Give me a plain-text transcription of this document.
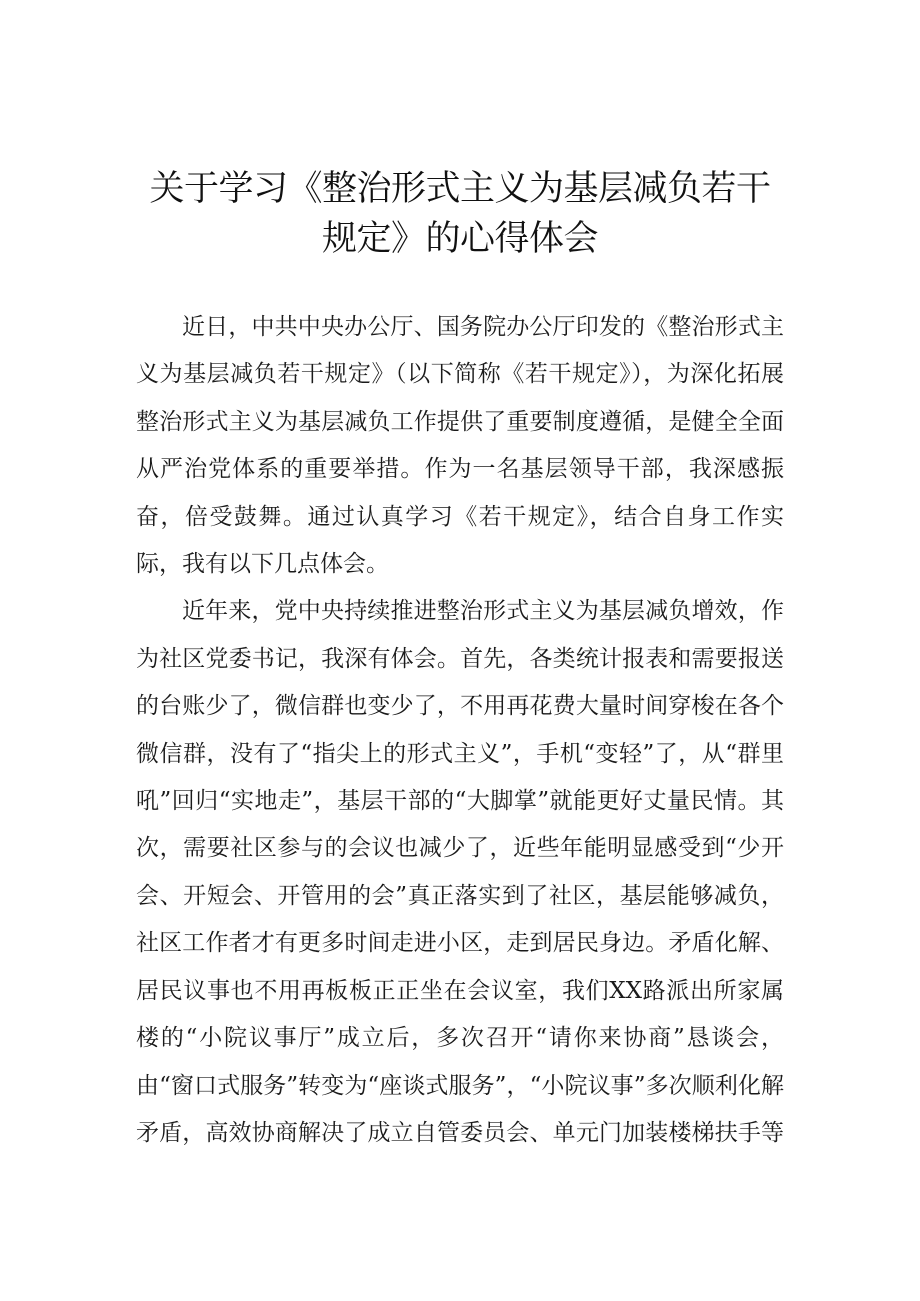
关于学习《整治形式主义为基层减负若干
规定》的心得体会

近日，中共中央办公厅、国务院办公厅印发的《整治形式主义为基层减负若干规定》（以下简称《若干规定》），为深化拓展整治形式主义为基层减负工作提供了重要制度遵循，是健全全面从严治党体系的重要举措。作为一名基层领导干部，我深感振奋，倍受鼓舞。通过认真学习《若干规定》，结合自身工作实际，我有以下几点体会。

近年来，党中央持续推进整治形式主义为基层减负增效，作为社区党委书记，我深有体会。首先，各类统计报表和需要报送的台账少了，微信群也变少了，不用再花费大量时间穿梭在各个微信群，没有了“指尖上的形式主义”，手机“变轻”了，从“群里吼”回归“实地走”，基层干部的“大脚掌”就能更好丈量民情。其次，需要社区参与的会议也减少了，近些年能明显感受到“少开会、开短会、开管用的会”真正落实到了社区，基层能够减负，社区工作者才有更多时间走进小区，走到居民身边。矛盾化解、居民议事也不用再板板正正坐在会议室，我们XX路派出所家属楼的“小院议事厅”成立后，多次召开“请你来协商”恳谈会，由“窗口式服务”转变为“座谈式服务”，“小院议事”多次顺利化解矛盾，高效协商解决了成立自管委员会、单元门加装楼梯扶手等
